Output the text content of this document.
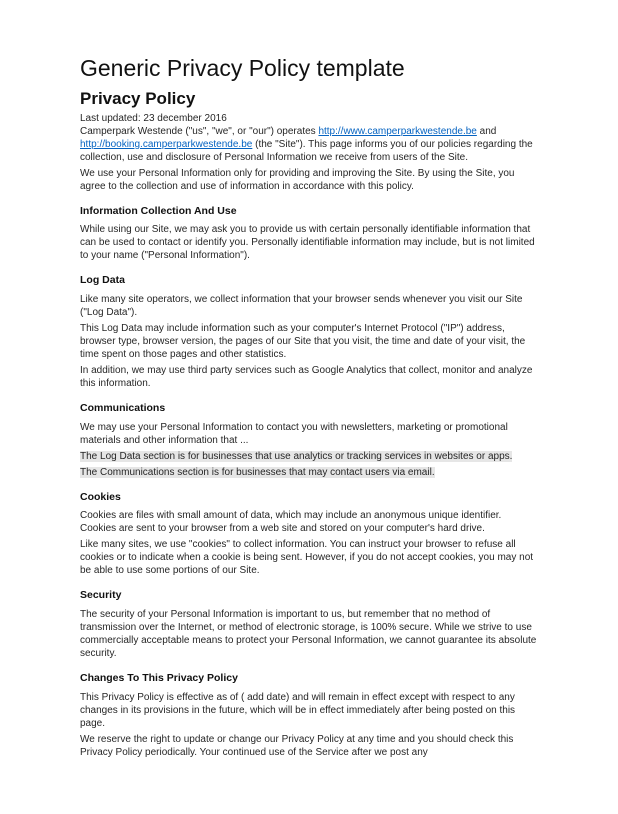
Generic Privacy Policy template
Privacy Policy

Last updated: 23 december 2016

Camperpark Westende ("us", "we", or "our") operates http://www.camperparkwestende.be and http://booking.camperparkwestende.be (the "Site"). This page informs you of our policies regarding the collection, use and disclosure of Personal Information we receive from users of the Site.

We use your Personal Information only for providing and improving the Site. By using the Site, you agree to the collection and use of information in accordance with this policy.

Information Collection And Use

While using our Site, we may ask you to provide us with certain personally identifiable information that can be used to contact or identify you. Personally identifiable information may include, but is not limited to your name ("Personal Information").

Log Data

Like many site operators, we collect information that your browser sends whenever you visit our Site ("Log Data").

This Log Data may include information such as your computer's Internet Protocol ("IP") address, browser type, browser version, the pages of our Site that you visit, the time and date of your visit, the time spent on those pages and other statistics.

In addition, we may use third party services such as Google Analytics that collect, monitor and analyze this information.

Communications

We may use your Personal Information to contact you with newsletters, marketing or promotional materials and other information that ...

The Log Data section is for businesses that use analytics or tracking services in websites or apps.

The Communications section is for businesses that may contact users via email.

Cookies

Cookies are files with small amount of data, which may include an anonymous unique identifier. Cookies are sent to your browser from a web site and stored on your computer's hard drive.

Like many sites, we use "cookies" to collect information. You can instruct your browser to refuse all cookies or to indicate when a cookie is being sent. However, if you do not accept cookies, you may not be able to use some portions of our Site.

Security

The security of your Personal Information is important to us, but remember that no method of transmission over the Internet, or method of electronic storage, is 100% secure. While we strive to use commercially acceptable means to protect your Personal Information, we cannot guarantee its absolute security.

Changes To This Privacy Policy

This Privacy Policy is effective as of ( add date) and will remain in effect except with respect to any changes in its provisions in the future, which will be in effect immediately after being posted on this page.

We reserve the right to update or change our Privacy Policy at any time and you should check this Privacy Policy periodically. Your continued use of the Service after we post any
